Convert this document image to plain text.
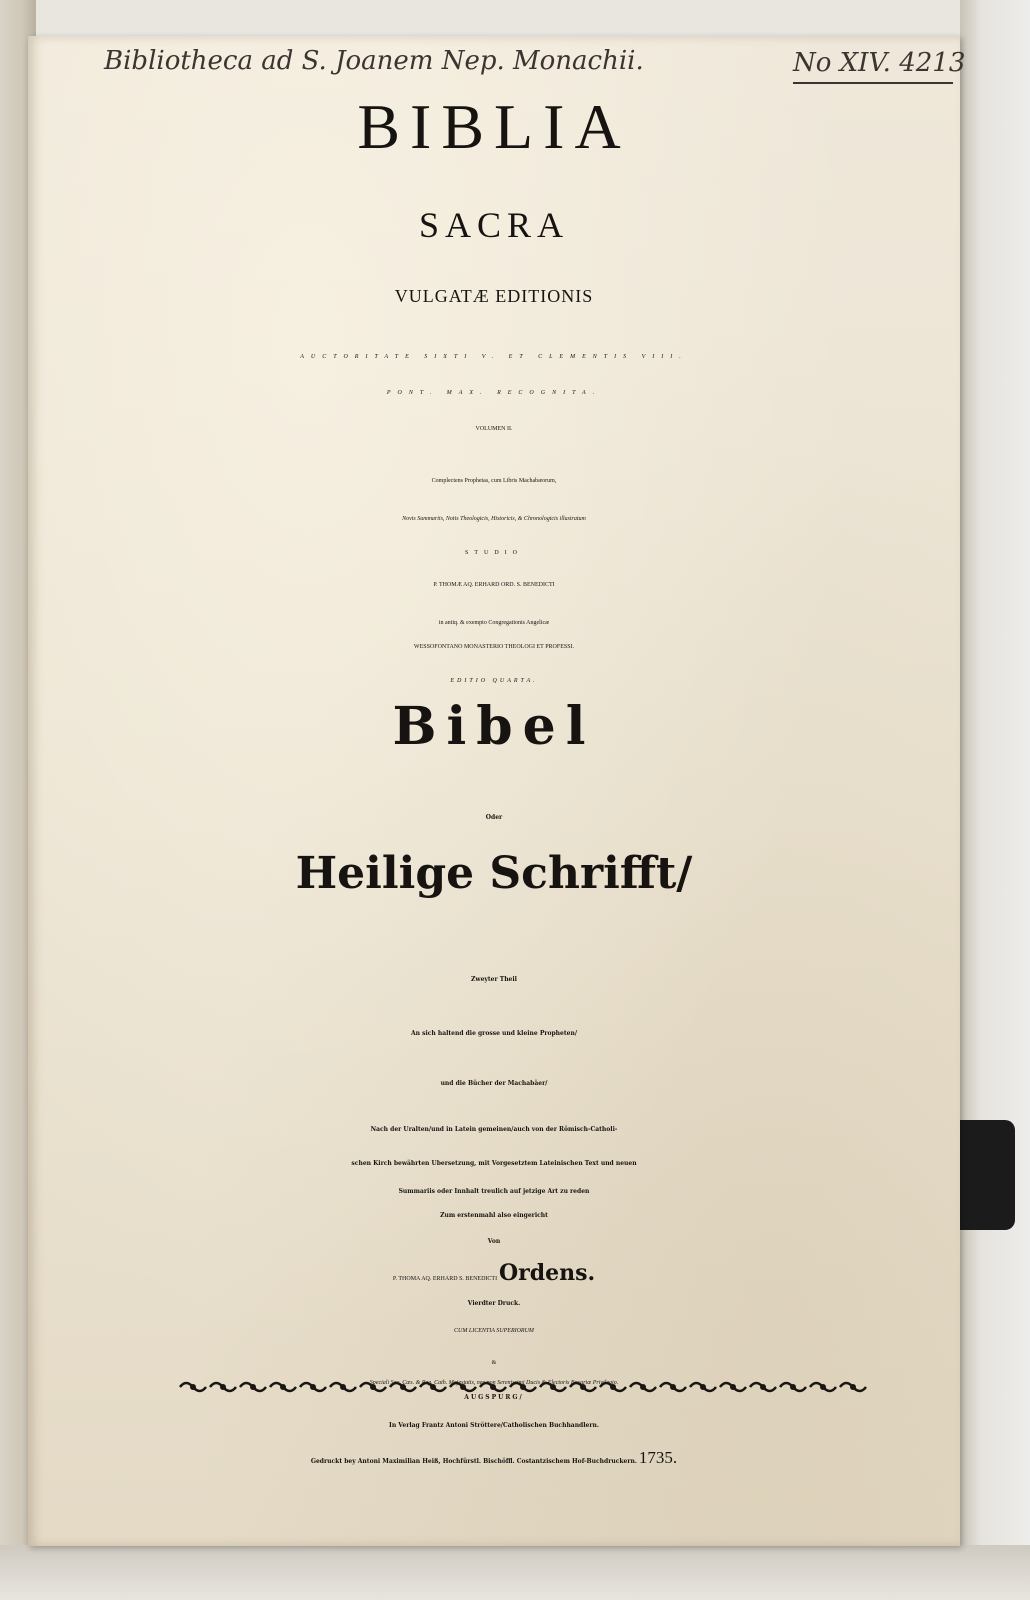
Bibliotheca ad S. Joanem Nep. Monachii.	No XIV. 4213
BIBLIA
SACRA
VULGATÆ EDITIONIS
AUCTORITATE SIXTI V. ET CLEMENTIS VIII.
PONT. MAX. RECOGNITA.
VOLUMEN II.
Complectens Prophetas, cum Libris Machabæorum,
Novis Summariis, Notis Theologicis, Historicis, & Chronologicis illustratum
STUDIO
P. THOMÆ AQ. ERHARD ORD. S. BENEDICTI
in antiq. & exempto Congregationis Angelicæ
WESSOFONTANO MONASTERIO THEOLOGI ET PROFESSI.
EDITIO QUARTA.
Bibel
Oder
Heilige Schrifft/
Zweyter Theil
An sich haltend die grosse und kleine Propheten/
und die Bücher der Machabäer/
Nach der Uralten/und in Latein gemeinen/auch von der Römisch-Catholi-
schen Kirch bewährten Ubersetzung, mit Vorgesetztem Lateinischen Text und neuen
Summariis oder Innhalt treulich auf jetzige Art zu reden
Zum erstenmahl also eingericht
Von
P. THOMA AQ. ERHARD S. BENEDICTI Ordens.
Vierdter Druck.
CUM LICENTIA SUPERIORUM
&
AUGSPURG/
In Verlag Frantz Antoni Ströttere/Catholischen Buchhandlern.
Gedruckt bey Antoni Maximilian Heiß, Hochfürstl. Bischöffl. Costantzischem Hof-Buchdruckern. 1735.
